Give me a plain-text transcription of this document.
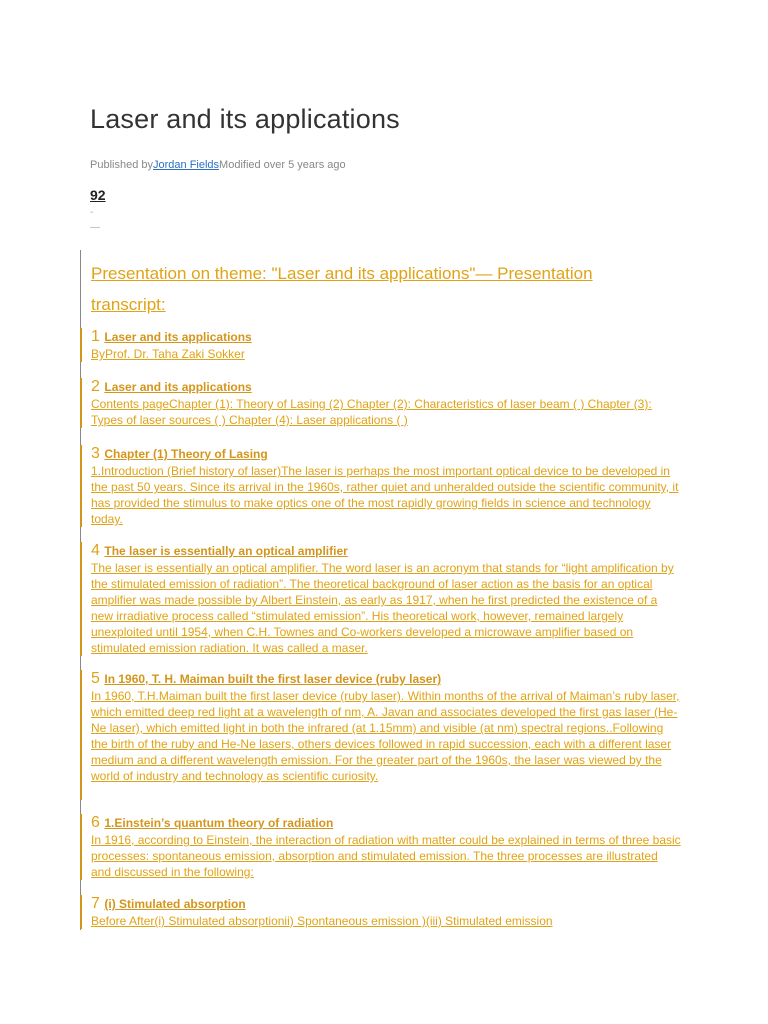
Laser and its applications
Published byJordan FieldsModified over 5 years ago
92
-
—
Presentation on theme: "Laser and its applications"— Presentation transcript:
1 Laser and its applications
ByProf. Dr. Taha Zaki Sokker
2 Laser and its applications
Contents pageChapter (1): Theory of Lasing (2) Chapter (2): Characteristics of laser beam ( ) Chapter (3): Types of laser sources ( ) Chapter (4): Laser applications ( )
3 Chapter (1) Theory of Lasing
1.Introduction (Brief history of laser)The laser is perhaps the most important optical device to be developed in the past 50 years. Since its arrival in the 1960s, rather quiet and unheralded outside the scientific community, it has provided the stimulus to make optics one of the most rapidly growing fields in science and technology today.
4 The laser is essentially an optical amplifier
The laser is essentially an optical amplifier. The word laser is an acronym that stands for “light amplification by the stimulated emission of radiation”. The theoretical background of laser action as the basis for an optical amplifier was made possible by Albert Einstein, as early as 1917, when he first predicted the existence of a new irradiative process called “stimulated emission”. His theoretical work, however, remained largely unexploited until 1954, when C.H. Townes and Co-workers developed a microwave amplifier based on stimulated emission radiation. It was called a maser.
5 In 1960, T. H. Maiman built the first laser device (ruby laser)
In 1960, T.H.Maiman built the first laser device (ruby laser). Within months of the arrival of Maiman’s ruby laser, which emitted deep red light at a wavelength of nm, A. Javan and associates developed the first gas laser (He- Ne laser), which emitted light in both the infrared (at 1.15mm) and visible (at nm) spectral regions..Following the birth of the ruby and He-Ne lasers, others devices followed in rapid succession, each with a different laser medium and a different wavelength emission. For the greater part of the 1960s, the laser was viewed by the world of industry and technology as scientific curiosity.
6 1.Einstein’s quantum theory of radiation
In 1916, according to Einstein, the interaction of radiation with matter could be explained in terms of three basic processes: spontaneous emission, absorption and stimulated emission. The three processes are illustrated and discussed in the following:
7 (i) Stimulated absorption
Before After(i) Stimulated absorptionii) Spontaneous emission )(iii) Stimulated emission
